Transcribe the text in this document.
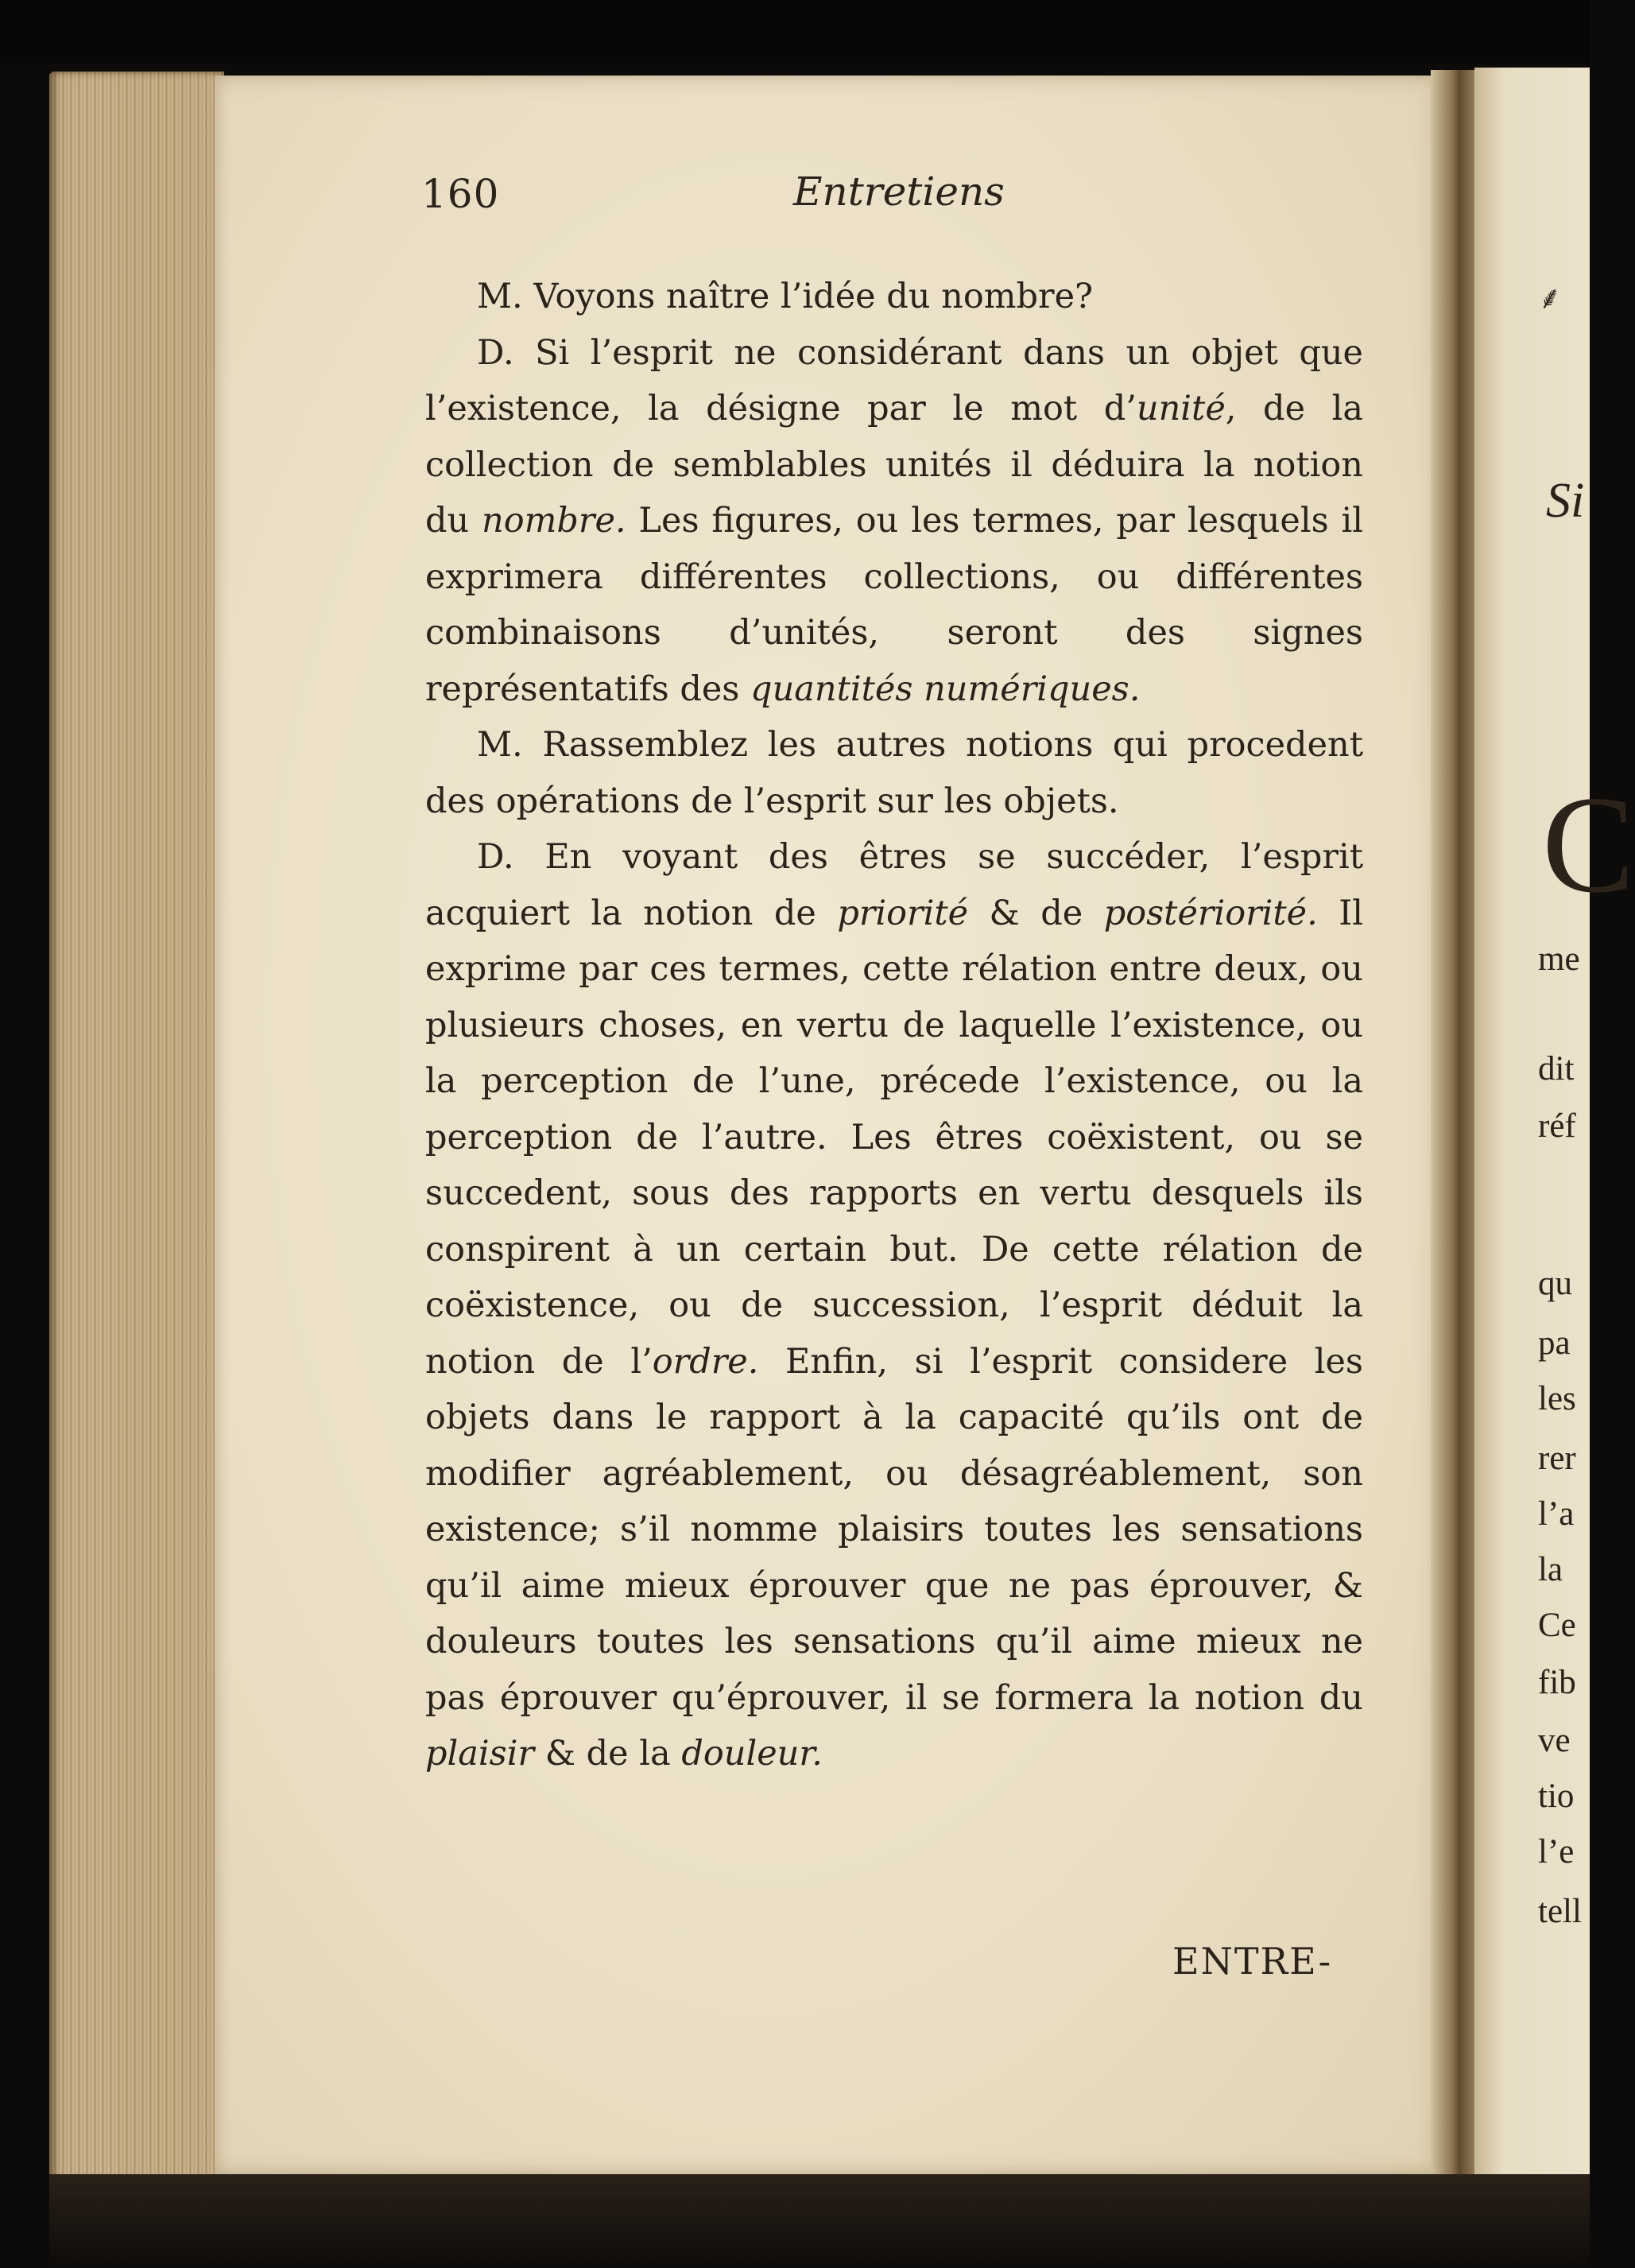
160	Entretiens

M. Voyons naître l’idée du nombre?

D. Si l’esprit ne considérant dans un objet que l’existence, la désigne par le mot d’unité, de la collection de semblables unités il déduira la notion du nombre. Les figures, ou les termes, par lesquels il exprimera différentes collections, ou différentes combinaisons d’unités, seront des signes représentatifs des quantités numériques.

M. Rassemblez les autres notions qui procedent des opérations de l’esprit sur les objets.

D. En voyant des êtres se succéder, l’esprit acquiert la notion de priorité & de postériorité. Il exprime par ces termes, cette rélation entre deux, ou plusieurs choses, en vertu de laquelle l’existence, ou la perception de l’une, précede l’existence, ou la perception de l’autre. Les êtres coëxistent, ou se succedent, sous des rapports en vertu desquels ils conspirent à un certain but. De cette rélation de coëxistence, ou de succession, l’esprit déduit la notion de l’ordre. Enfin, si l’esprit considere les objets dans le rapport à la capacité qu’ils ont de modifier agréablement, ou désagréablement, son existence; s’il nomme plaisirs toutes les sensations qu’il aime mieux éprouver que ne pas éprouver, & douleurs toutes les sensations qu’il aime mieux ne pas éprouver qu’éprouver, il se formera la notion du plaisir & de la douleur.

ENTRE-
⸙
Si
C
me
dit
réf
qu
pa
les
rer
l’a
la
Ce
fib
ve
tio
l’e
tell
